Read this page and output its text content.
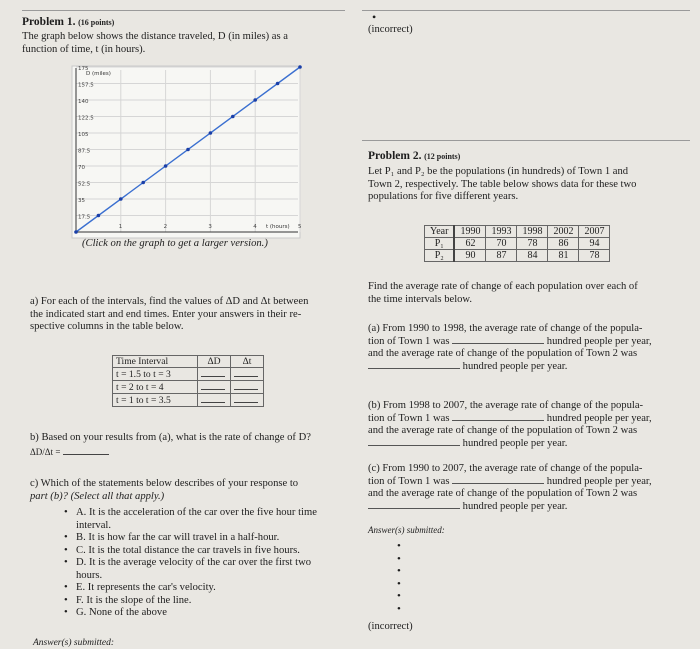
Problem 1. (16 points)
The graph below shows the distance traveled, D (in miles) as a
function of time, t (in hours).
175
157.5
140
122.5
105
87.5
70
52.5
35
17.5
1	2	3	4	5
D (miles)
t (hours)
(Click on the graph to get a larger version.)
a) For each of the intervals, find the values of ΔD and Δt between
the indicated start and end times. Enter your answers in their re-
spective columns in the table below.
Time Interval	ΔD	Δt
t = 1.5 to t = 3		
t = 2 to t = 4		
t = 1 to t = 3.5		
b) Based on your results from (a), what is the rate of change of D?
ΔD/Δt =
c) Which of the statements below describes of your response to
part (b)? (Select all that apply.)
• A. It is the acceleration of the car over the five hour time
interval.
• B. It is how far the car will travel in a half-hour.
• C. It is the total distance the car travels in five hours.
• D. It is the average velocity of the car over the first two
hours.
• E. It represents the car's velocity.
• F. It is the slope of the line.
• G. None of the above
Answer(s) submitted:
•
(incorrect)
Problem 2. (12 points)
Let P₁ and P₂ be the populations (in hundreds) of Town 1 and
Town 2, respectively. The table below shows data for these two
populations for five different years.
Year	1990	1993	1998	2002	2007
P₁	62	70	78	86	94
P₂	90	87	84	81	78
Find the average rate of change of each population over each of
the time intervals below.
(a) From 1990 to 1998, the average rate of change of the popula-
tion of Town 1 was	hundred people per year,
and the average rate of change of the population of Town 2 was
hundred people per year.
(b) From 1998 to 2007, the average rate of change of the popula-
tion of Town 1 was	hundred people per year,
and the average rate of change of the population of Town 2 was
hundred people per year.
(c) From 1990 to 2007, the average rate of change of the popula-
tion of Town 1 was	hundred people per year,
and the average rate of change of the population of Town 2 was
hundred people per year.
Answer(s) submitted:
•
•
•
•
•
•
(incorrect)
